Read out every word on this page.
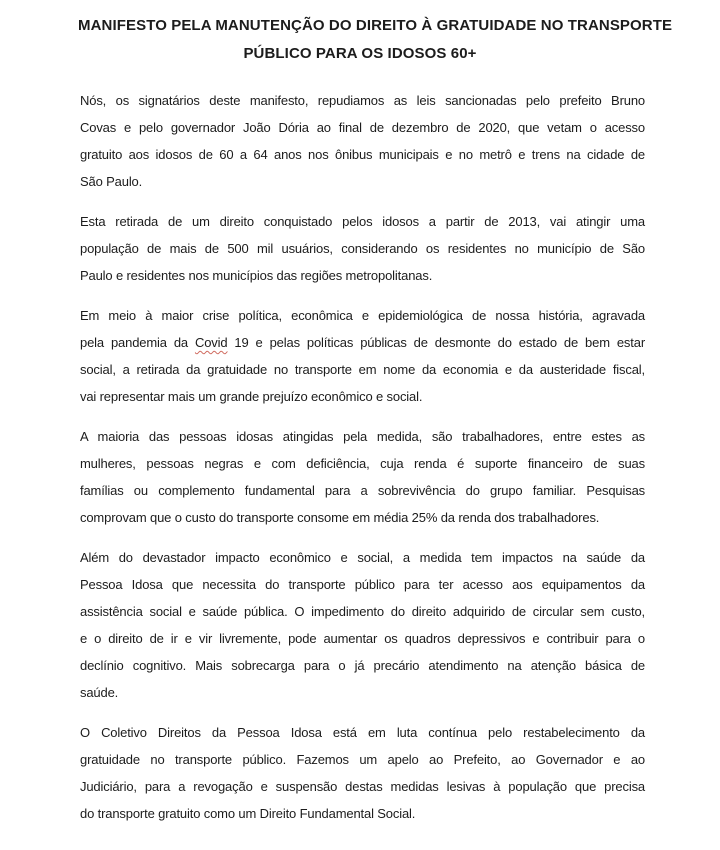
MANIFESTO PELA MANUTENÇÃO DO DIREITO À GRATUIDADE NO TRANSPORTE
PÚBLICO PARA OS IDOSOS 60+
Nós, os signatários deste manifesto, repudiamos as leis sancionadas pelo prefeito Bruno
Covas e pelo governador João Dória ao final de dezembro de 2020, que vetam o acesso
gratuito aos idosos de 60 a 64 anos nos ônibus municipais e no metrô e trens na cidade de
São Paulo.
Esta retirada de um direito conquistado pelos idosos a partir de 2013, vai atingir uma
população de mais de 500 mil usuários, considerando os residentes no município de São
Paulo e residentes nos municípios das regiões metropolitanas.
Em meio à maior crise política, econômica e epidemiológica de nossa história, agravada
pela pandemia da Covid 19 e pelas políticas públicas de desmonte do estado de bem estar
social, a retirada da gratuidade no transporte em nome da economia e da austeridade fiscal,
vai representar mais um grande prejuízo econômico e social.
A maioria das pessoas idosas atingidas pela medida, são trabalhadores, entre estes as
mulheres, pessoas negras e com deficiência, cuja renda é suporte financeiro de suas
famílias ou complemento fundamental para a sobrevivência do grupo familiar. Pesquisas
comprovam que o custo do transporte consome em média 25% da renda dos trabalhadores.
Além do devastador impacto econômico e social, a medida tem impactos na saúde da
Pessoa Idosa que necessita do transporte público para ter acesso aos equipamentos da
assistência social e saúde pública. O impedimento do direito adquirido de circular sem custo,
e o direito de ir e vir livremente, pode aumentar os quadros depressivos e contribuir para o
declínio cognitivo. Mais sobrecarga para o já precário atendimento na atenção básica de
saúde.
O Coletivo Direitos da Pessoa Idosa está em luta contínua pelo restabelecimento da
gratuidade no transporte público. Fazemos um apelo ao Prefeito, ao Governador e ao
Judiciário, para a revogação e suspensão destas medidas lesivas à população que precisa
do transporte gratuito como um Direito Fundamental Social.
